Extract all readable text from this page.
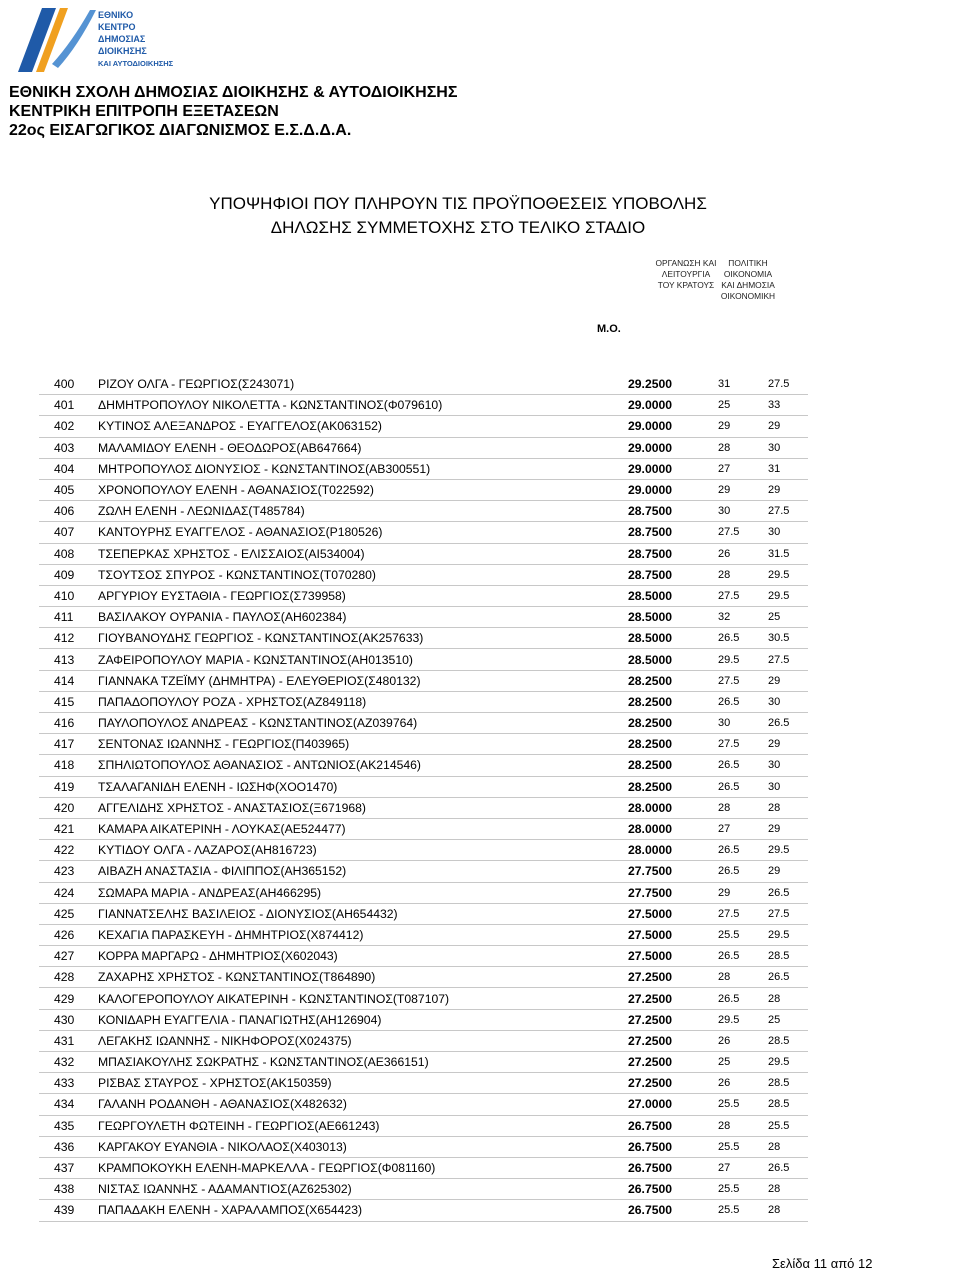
ΕΘΝΙΚΟ
ΚΕΝΤΡΟ
ΔΗΜΟΣΙΑΣ
ΔΙΟΙΚΗΣΗΣ
ΚΑΙ ΑΥΤΟΔΙΟΙΚΗΣΗΣ
ΕΘΝΙΚΗ ΣΧΟΛΗ ΔΗΜΟΣΙΑΣ ΔΙΟΙΚΗΣΗΣ & ΑΥΤΟΔΙΟΙΚΗΣΗΣ
ΚΕΝΤΡΙΚΗ ΕΠΙΤΡΟΠΗ ΕΞΕΤΑΣΕΩΝ
22ος ΕΙΣΑΓΩΓΙΚΟΣ ΔΙΑΓΩΝΙΣΜΟΣ Ε.Σ.Δ.Δ.Α.
ΥΠΟΨΗΦΙΟΙ ΠΟΥ ΠΛΗΡΟΥΝ ΤΙΣ ΠΡΟΫΠΟΘΕΣΕΙΣ ΥΠΟΒΟΛΗΣ
ΔΗΛΩΣΗΣ ΣΥΜΜΕΤΟΧΗΣ ΣΤΟ ΤΕΛΙΚΟ ΣΤΑΔΙΟ
ΟΡΓΑΝΩΣΗ ΚΑΙ
ΛΕΙΤΟΥΡΓΙΑ
ΤΟΥ ΚΡΑΤΟΥΣ
ΠΟΛΙΤΙΚΗ
ΟΙΚΟΝΟΜΙΑ
ΚΑΙ ΔΗΜΟΣΙΑ
ΟΙΚΟΝΟΜΙΚΗ
Μ.Ο.
400	ΡΙΖΟΥ ΟΛΓΑ - ΓΕΩΡΓΙΟΣ(Σ243071)	29.2500	31	27.5
401	ΔΗΜΗΤΡΟΠΟΥΛΟΥ ΝΙΚΟΛΕΤΤΑ - ΚΩΝΣΤΑΝΤΙΝΟΣ(Φ079610)	29.0000	25	33
402	ΚΥΤΙΝΟΣ ΑΛΕΞΑΝΔΡΟΣ - ΕΥΑΓΓΕΛΟΣ(ΑΚ063152)	29.0000	29	29
403	ΜΑΛΑΜΙΔΟΥ ΕΛΕΝΗ - ΘΕΟΔΩΡΟΣ(ΑΒ647664)	29.0000	28	30
404	ΜΗΤΡΟΠΟΥΛΟΣ ΔΙΟΝΥΣΙΟΣ - ΚΩΝΣΤΑΝΤΙΝΟΣ(ΑΒ300551)	29.0000	27	31
405	ΧΡΟΝΟΠΟΥΛΟΥ ΕΛΕΝΗ - ΑΘΑΝΑΣΙΟΣ(Τ022592)	29.0000	29	29
406	ΖΩΛΗ ΕΛΕΝΗ - ΛΕΩΝΙΔΑΣ(Τ485784)	28.7500	30	27.5
407	ΚΑΝΤΟΥΡΗΣ ΕΥΑΓΓΕΛΟΣ - ΑΘΑΝΑΣΙΟΣ(Ρ180526)	28.7500	27.5	30
408	ΤΣΕΠΕΡΚΑΣ ΧΡΗΣΤΟΣ - ΕΛΙΣΣΑΙΟΣ(ΑΙ534004)	28.7500	26	31.5
409	ΤΣΟΥΤΣΟΣ ΣΠΥΡΟΣ - ΚΩΝΣΤΑΝΤΙΝΟΣ(Τ070280)	28.7500	28	29.5
410	ΑΡΓΥΡΙΟΥ ΕΥΣΤΑΘΙΑ - ΓΕΩΡΓΙΟΣ(Σ739958)	28.5000	27.5	29.5
411	ΒΑΣΙΛΑΚΟΥ ΟΥΡΑΝΙΑ - ΠΑΥΛΟΣ(ΑΗ602384)	28.5000	32	25
412	ΓΙΟΥΒΑΝΟΥΔΗΣ ΓΕΩΡΓΙΟΣ - ΚΩΝΣΤΑΝΤΙΝΟΣ(ΑΚ257633)	28.5000	26.5	30.5
413	ΖΑΦΕΙΡΟΠΟΥΛΟΥ ΜΑΡΙΑ - ΚΩΝΣΤΑΝΤΙΝΟΣ(ΑΗ013510)	28.5000	29.5	27.5
414	ΓΙΑΝΝΑΚΑ ΤΖΕΪΜΥ (ΔΗΜΗΤΡΑ) - ΕΛΕΥΘΕΡΙΟΣ(Σ480132)	28.2500	27.5	29
415	ΠΑΠΑΔΟΠΟΥΛΟΥ ΡΟΖΑ - ΧΡΗΣΤΟΣ(ΑΖ849118)	28.2500	26.5	30
416	ΠΑΥΛΟΠΟΥΛΟΣ ΑΝΔΡΕΑΣ - ΚΩΝΣΤΑΝΤΙΝΟΣ(ΑΖ039764)	28.2500	30	26.5
417	ΣΕΝΤΟΝΑΣ ΙΩΑΝΝΗΣ - ΓΕΩΡΓΙΟΣ(Π403965)	28.2500	27.5	29
418	ΣΠΗΛΙΩΤΟΠΟΥΛΟΣ ΑΘΑΝΑΣΙΟΣ - ΑΝΤΩΝΙΟΣ(ΑΚ214546)	28.2500	26.5	30
419	ΤΣΑΛΑΓΑΝΙΔΗ ΕΛΕΝΗ - ΙΩΣΗΦ(ΧΟΟ1470)	28.2500	26.5	30
420	ΑΓΓΕΛΙΔΗΣ ΧΡΗΣΤΟΣ - ΑΝΑΣΤΑΣΙΟΣ(Ξ671968)	28.0000	28	28
421	ΚΑΜΑΡΑ ΑΙΚΑΤΕΡΙΝΗ - ΛΟΥΚΑΣ(ΑΕ524477)	28.0000	27	29
422	ΚΥΤΙΔΟΥ ΟΛΓΑ - ΛΑΖΑΡΟΣ(ΑΗ816723)	28.0000	26.5	29.5
423	ΑΙΒΑΖΗ ΑΝΑΣΤΑΣΙΑ - ΦΙΛΙΠΠΟΣ(ΑΗ365152)	27.7500	26.5	29
424	ΣΩΜΑΡΑ ΜΑΡΙΑ - ΑΝΔΡΕΑΣ(ΑΗ466295)	27.7500	29	26.5
425	ΓΙΑΝΝΑΤΣΕΛΗΣ ΒΑΣΙΛΕΙΟΣ - ΔΙΟΝΥΣΙΟΣ(ΑΗ654432)	27.5000	27.5	27.5
426	ΚΕΧΑΓΙΑ ΠΑΡΑΣΚΕΥΗ - ΔΗΜΗΤΡΙΟΣ(Χ874412)	27.5000	25.5	29.5
427	ΚΟΡΡΑ ΜΑΡΓΑΡΩ - ΔΗΜΗΤΡΙΟΣ(Χ602043)	27.5000	26.5	28.5
428	ΖΑΧΑΡΗΣ ΧΡΗΣΤΟΣ - ΚΩΝΣΤΑΝΤΙΝΟΣ(Τ864890)	27.2500	28	26.5
429	ΚΑΛΟΓΕΡΟΠΟΥΛΟΥ ΑΙΚΑΤΕΡΙΝΗ - ΚΩΝΣΤΑΝΤΙΝΟΣ(Τ087107)	27.2500	26.5	28
430	ΚΟΝΙΔΑΡΗ ΕΥΑΓΓΕΛΙΑ - ΠΑΝΑΓΙΩΤΗΣ(ΑΗ126904)	27.2500	29.5	25
431	ΛΕΓΑΚΗΣ ΙΩΑΝΝΗΣ - ΝΙΚΗΦΟΡΟΣ(Χ024375)	27.2500	26	28.5
432	ΜΠΑΣΙΑΚΟΥΛΗΣ ΣΩΚΡΑΤΗΣ - ΚΩΝΣΤΑΝΤΙΝΟΣ(ΑΕ366151)	27.2500	25	29.5
433	ΡΙΣΒΑΣ ΣΤΑΥΡΟΣ - ΧΡΗΣΤΟΣ(ΑΚ150359)	27.2500	26	28.5
434	ΓΑΛΑΝΗ ΡΟΔΑΝΘΗ - ΑΘΑΝΑΣΙΟΣ(Χ482632)	27.0000	25.5	28.5
435	ΓΕΩΡΓΟΥΛΕΤΗ ΦΩΤΕΙΝΗ - ΓΕΩΡΓΙΟΣ(ΑΕ661243)	26.7500	28	25.5
436	ΚΑΡΓΑΚΟΥ ΕΥΑΝΘΙΑ - ΝΙΚΟΛΑΟΣ(Χ403013)	26.7500	25.5	28
437	ΚΡΑΜΠΟΚΟΥΚΗ ΕΛΕΝΗ-ΜΑΡΚΕΛΛΑ - ΓΕΩΡΓΙΟΣ(Φ081160)	26.7500	27	26.5
438	ΝΙΣΤΑΣ ΙΩΑΝΝΗΣ - ΑΔΑΜΑΝΤΙΟΣ(ΑΖ625302)	26.7500	25.5	28
439	ΠΑΠΑΔΑΚΗ ΕΛΕΝΗ - ΧΑΡΑΛΑΜΠΟΣ(Χ654423)	26.7500	25.5	28
Σελίδα 11 από 12
